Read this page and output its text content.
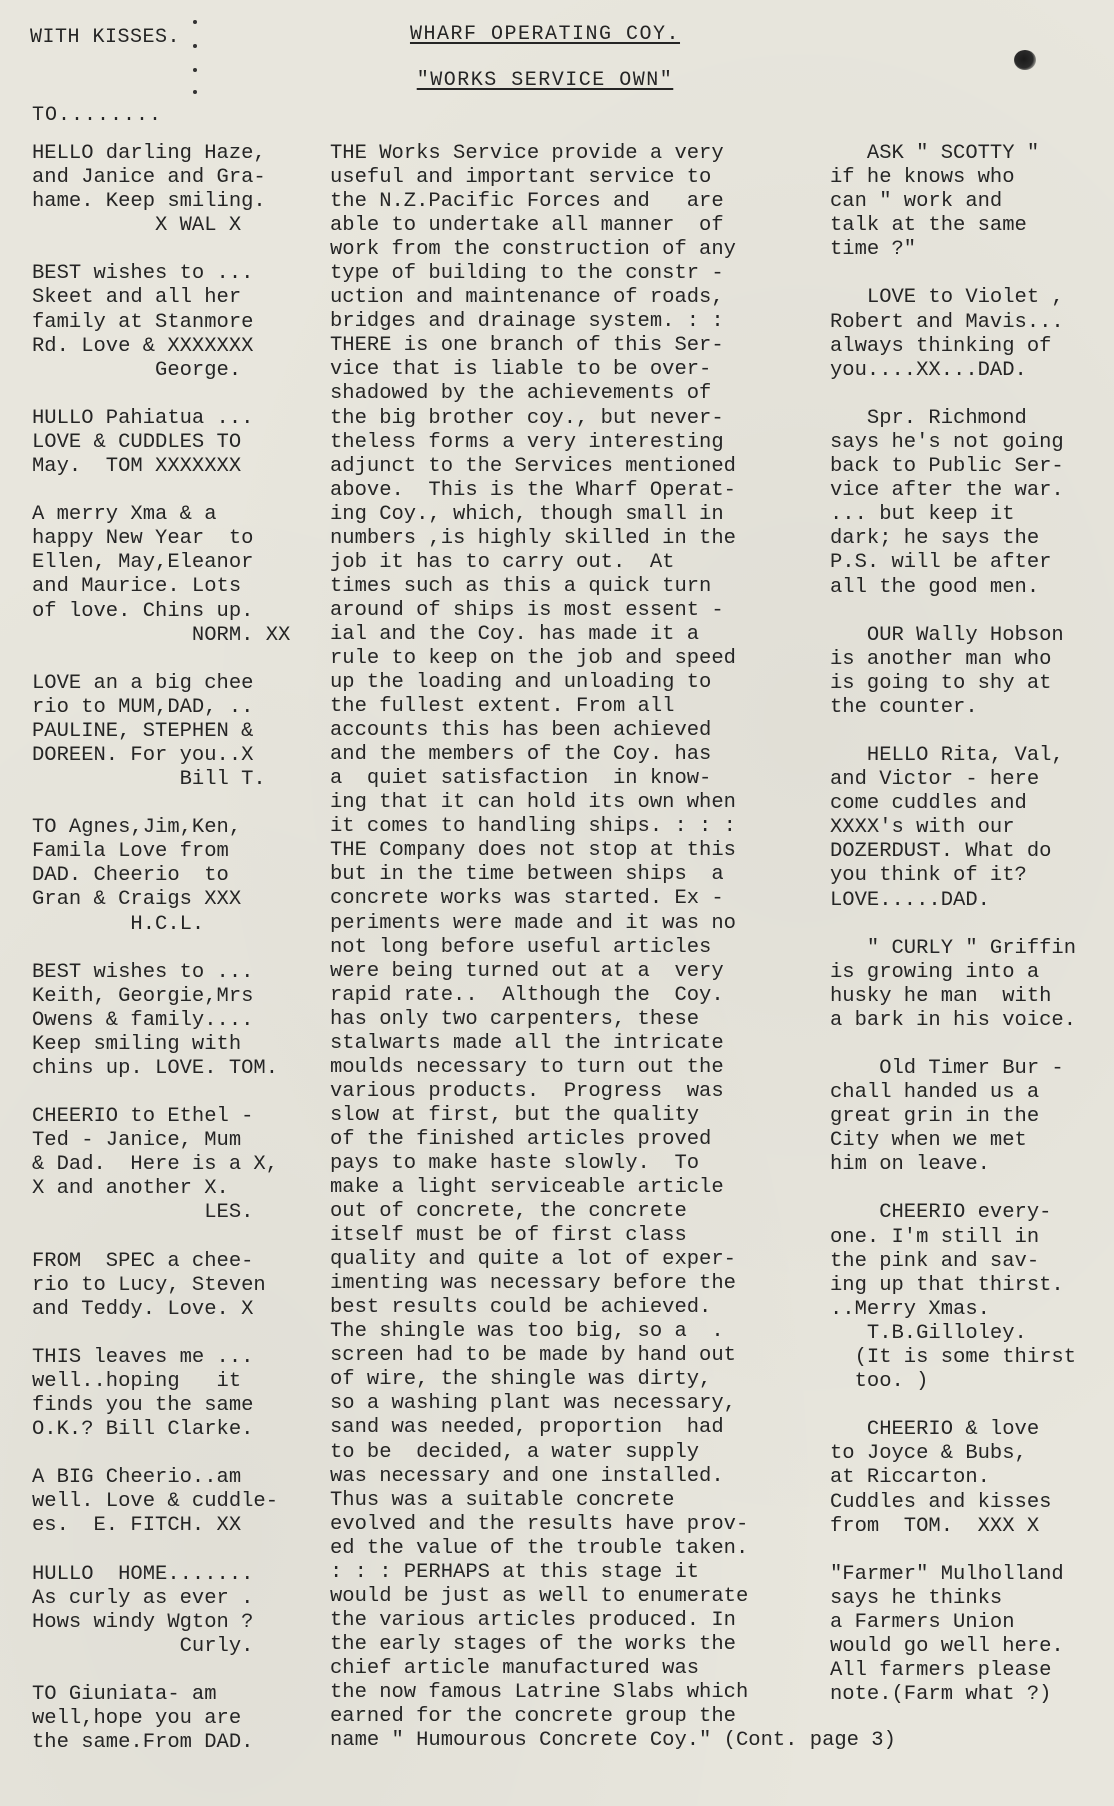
WITH KISSES.
TO........
WHARF OPERATING COY.
"WORKS SERVICE OWN"
HELLO darling Haze,
and Janice and Gra-
hame. Keep smiling.
X WAL X
BEST wishes to ...
Skeet and all her
family at Stanmore
Rd. Love & XXXXXXX
George.
HULLO Pahiatua ...
LOVE & CUDDLES TO
May.  TOM XXXXXXX
A merry Xma & a
happy New Year  to
Ellen, May,Eleanor
and Maurice. Lots
of love. Chins up.
NORM. XX
LOVE an a big chee
rio to MUM,DAD, ..
PAULINE, STEPHEN &
DOREEN. For you..X
Bill T.
TO Agnes,Jim,Ken,
Famila Love from
DAD. Cheerio  to
Gran & Craigs XXX
H.C.L.
BEST wishes to ...
Keith, Georgie,Mrs
Owens & family....
Keep smiling with
chins up. LOVE. TOM.
CHEERIO to Ethel -
Ted - Janice, Mum
& Dad.  Here is a X,
X and another X.
LES.
FROM  SPEC a chee-
rio to Lucy, Steven
and Teddy. Love. X
THIS leaves me ...
well..hoping   it
finds you the same
O.K.? Bill Clarke.
A BIG Cheerio..am
well. Love & cuddle-
es.  E. FITCH. XX
HULLO  HOME.......
As curly as ever .
Hows windy Wgton ?
Curly.
TO Giuniata- am
well,hope you are
the same.From DAD.
THE Works Service provide a very
useful and important service to
the N.Z.Pacific Forces and   are
able to undertake all manner  of
work from the construction of any
type of building to the constr -
uction and maintenance of roads,
bridges and drainage system. : :
THERE is one branch of this Ser-
vice that is liable to be over-
shadowed by the achievements of
the big brother coy., but never-
theless forms a very interesting
adjunct to the Services mentioned
above.  This is the Wharf Operat-
ing Coy., which, though small in
numbers ,is highly skilled in the
job it has to carry out.  At
times such as this a quick turn
around of ships is most essent -
ial and the Coy. has made it a
rule to keep on the job and speed
up the loading and unloading to
the fullest extent. From all
accounts this has been achieved
and the members of the Coy. has
a  quiet satisfaction  in know-
ing that it can hold its own when
it comes to handling ships. : : :
THE Company does not stop at this
but in the time between ships  a
concrete works was started. Ex -
periments were made and it was no
not long before useful articles
were being turned out at a  very
rapid rate..  Although the  Coy.
has only two carpenters, these
stalwarts made all the intricate
moulds necessary to turn out the
various products.  Progress  was
slow at first, but the quality
of the finished articles proved
pays to make haste slowly.  To
make a light serviceable article
out of concrete, the concrete
itself must be of first class
quality and quite a lot of exper-
imenting was necessary before the
best results could be achieved.
The shingle was too big, so a  .
screen had to be made by hand out
of wire, the shingle was dirty,
so a washing plant was necessary,
sand was needed, proportion  had
to be  decided, a water supply
was necessary and one installed.
Thus was a suitable concrete
evolved and the results have prov-
ed the value of the trouble taken.
: : : PERHAPS at this stage it
would be just as well to enumerate
the various articles produced. In
the early stages of the works the
chief article manufactured was
the now famous Latrine Slabs which
earned for the concrete group the
name " Humourous Concrete Coy." (Cont. page 3)
ASK " SCOTTY "
if he knows who
can " work and
talk at the same
time ?"
LOVE to Violet ,
Robert and Mavis...
always thinking of
you....XX...DAD.
Spr. Richmond
says he's not going
back to Public Ser-
vice after the war.
... but keep it
dark; he says the
P.S. will be after
all the good men.
OUR Wally Hobson
is another man who
is going to shy at
the counter.
HELLO Rita, Val,
and Victor - here
come cuddles and
XXXX's with our
DOZERDUST. What do
you think of it?
LOVE.....DAD.
" CURLY " Griffin
is growing into a
husky he man  with
a bark in his voice.
Old Timer Bur -
chall handed us a
great grin in the
City when we met
him on leave.
CHEERIO every-
one. I'm still in
the pink and sav-
ing up that thirst.
..Merry Xmas.
T.B.Gilloley.
(It is some thirst
too. )
CHEERIO & love
to Joyce & Bubs,
at Riccarton.
Cuddles and kisses
from  TOM.  XXX X
"Farmer" Mulholland
says he thinks
a Farmers Union
would go well here.
All farmers please
note.(Farm what ?)
